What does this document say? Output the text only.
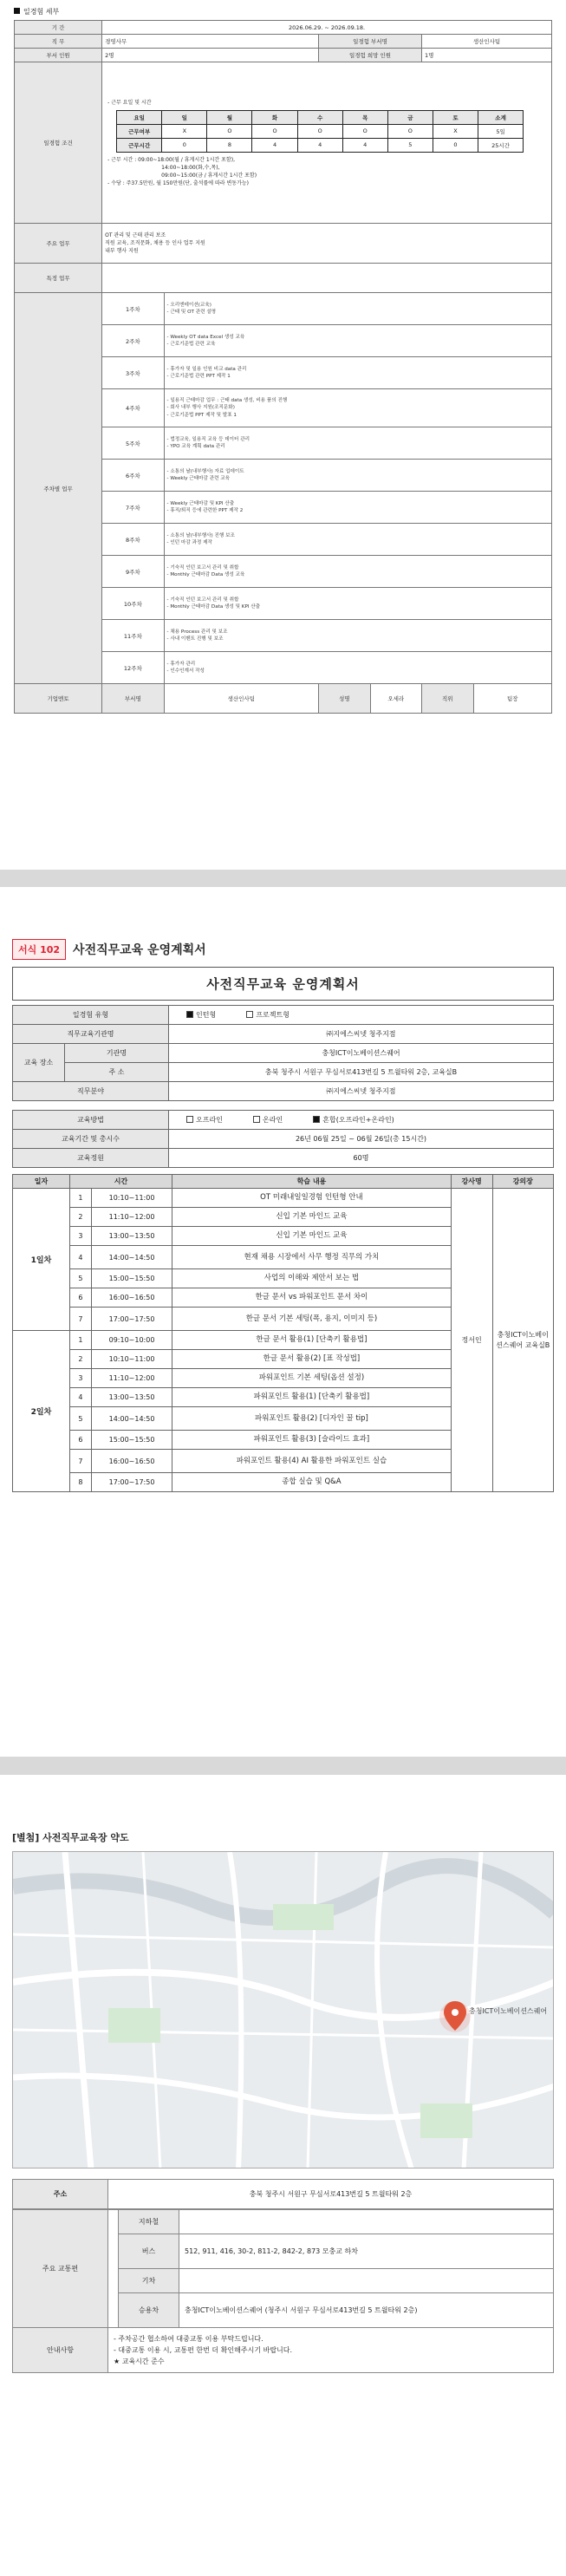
일경험 세부
기 간	2026.06.29. ~ 2026.09.18.
직 무	경영사무	일경험 부서명	생산인사팀
부서 인원	2명	일경험 희망 인원	1명
일경험 조건	
- 근무 요일 및 시간
요일	일	월	화	수	목	금	토	소계
근무여부	X	O	O	O	O	O	X	5일
근무시간	0	8	4	4	4	5	0	25시간
- 근무 시간 : 09:00~18:00(월 / 휴게시간 1시간 포함),
14:00~18:00(화,수,목),
09:00~15:00(금 / 휴게시간 1시간 포함)
- 수당 : 주37.5만원, 월 150만원(단, 출석률에 따라 변동가능)

주요 업무	
OT 관리 및 근태 관리 보조
직원 교육, 조직문화, 채용 등 인사 업무 지원
내부 행사 지원

특정 업무	
주차별 업무	1주차	
- 오리엔테이션(교육)
- 근태 및 OT 관련 설명

2주차	
- Weekly OT data Excel 생성 교육
- 근로기준법 관련 교육

3주차	
- 휴가자 및 일용 인원 비교 data 관리
- 근로기준법 관련 PPT 제작 1

4주차	
- 일용직 근태마감 업무 : 근태 data 생성, 비용 품의 진행
- 회사 내부 행사 지원(조직문화)
- 근로기준법 PPT 제작 및 발표 1

5주차	
- 법정교육, 일용직 교육 등 데이터 관리
- YPO 교육 계획 data 관리

6주차	
- 소통의 날(내부행사) 자료 업데이트
- Weekly 근태마감 관련 교육

7주차	
- Weekly 근태마감 및 KPI 산출
- 휴직/퇴직 등에 관련한 PPT 제작 2

8주차	
- 소통의 날(내부행사) 진행 보조
- 인턴 마감 과정 제작

9주차	
- 기숙직 인턴 보고서 관리 및 취합
- Monthly 근태마감 Data 생성 교육

10주차	
- 기숙직 인턴 보고서 관리 및 취합
- Monthly 근태마감 Data 생성 및 KPI 산출

11주차	
- 채용 Process 관리 및 보조
- 사내 이벤트 진행 및 보조

12주차	
- 휴가자 관리
- 인수인계서 작성

기업멘토	부서명	생산인사팀	성명	오세라	직위	팀장
서식 102	사전직무교육 운영계획서
사전직무교육 운영계획서
일경험 유형		인턴형 프로젝트형
직무교육기관명		㈜지에스씨넷 청주지점
교육 장소	기관명	충청ICT이노베이션스퀘어
	주 소	충북 청주시 서원구 무심서로413번길 5 트윌타워 2층, 교육실B
직무분야		㈜지에스씨넷 청주지점
교육방법	오프라인 온라인 혼합(오프라인+온라인)
교육기간 및 총시수	26년 06월 25일 ~ 06월 26일(총 15시간)
교육정원	60명
일자	시간		학습 내용	강사명	강의장
1일차	1	10:10~11:00	OT 미래내일일경험 인턴형 안내	정서인	충청ICT이노베이션스퀘어 교육실B
	2	11:10~12:00	신입 기본 마인드 교육		
	3	13:00~13:50	신입 기본 마인드 교육		
	4	14:00~14:50	현재 채용 시장에서 사무 행정 직무의 가치		
	5	15:00~15:50	사업의 이해와 제안서 보는 법		
	6	16:00~16:50	한글 문서 vs 파워포인트 문서 차이		
	7	17:00~17:50	한글 문서 기본 세팅(폭, 용지, 이미지 등)		
2일차	1	09:10~10:00	한글 문서 활용(1) [단축키 활용법]		
	2	10:10~11:00	한글 문서 활용(2) [표 작성법]		
	3	11:10~12:00	파워포인트 기본 세팅(옵션 설정)		
	4	13:00~13:50	파워포인트 활용(1) [단축키 활용법]		
	5	14:00~14:50	파워포인트 활용(2) [디자인 꿀 tip]		
	6	15:00~15:50	파워포인트 활용(3) [슬라이드 효과]		
	7	16:00~16:50	파워포인트 활용(4) AI 활용한 파워포인트 실습		
	8	17:00~17:50	종합 실습 및 Q&A		
[별첨] 사전직무교육장 약도
충청ICT이노베이션스퀘어
주소	충북 청주시 서원구 무심서로413번길 5 트윌타워 2층
주요 교통편		지하철	
		버스	512, 911, 416, 30-2, 811-2, 842-2, 873 모충교 하차
		기차	
		승용차	충청ICT이노베이션스퀘어 (청주시 서원구 무심서로413번길 5 트윌타워 2층)
안내사항	- 주차공간 협소하여 대중교통 이용 부탁드립니다.
- 대중교통 이용 시, 교통편 한번 더 확인해주시기 바랍니다.
★ 교육시간 준수		
